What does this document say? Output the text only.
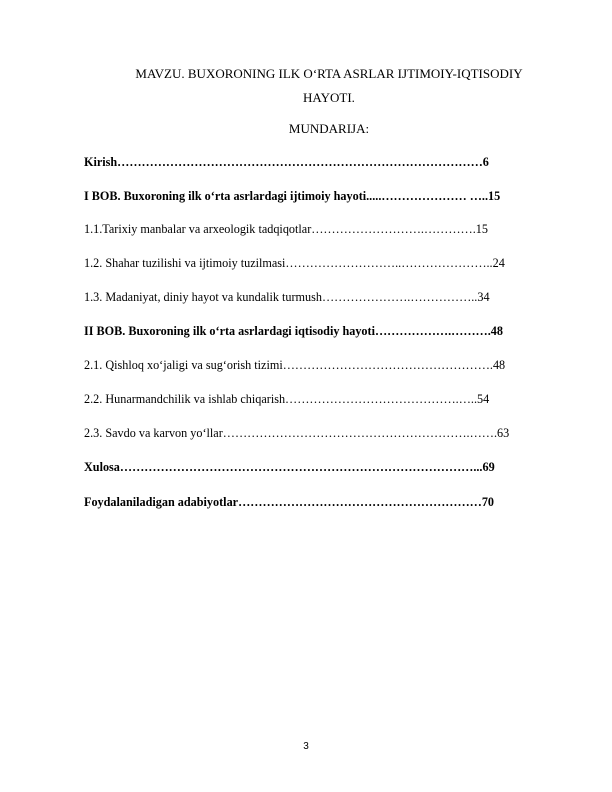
MAVZU. BUXORONING ILK O‘RTA ASRLAR IJTIMOIY-IQTISODIY
HAYOTI.
MUNDARIJA:
Kirish………………………………………………………………………………6
I BOB. Buxoroning ilk o‘rta asrlardagi ijtimoiy hayoti.....………………… …..15
1.1.Tarixiy manbalar va arxeologik tadqiqotlar……………………….………….15
1.2. Shahar tuzilishi va ijtimoiy tuzilmasi………………………..…………………..24
1.3. Madaniyat, diniy hayot va kundalik turmush………………….……………..34
II BOB. Buxoroning ilk o‘rta asrlardagi iqtisodiy hayoti……………….……….48
2.1. Qishloq xo‘jaligi va sug‘orish tizimi…………………………………………….48
2.2. Hunarmandchilik va ishlab chiqarish…………………………………….…..54
2.3. Savdo va karvon yo‘llar…………………………………………………….…….63
Xulosa……………………………………………………………………………...69
Foydalaniladigan adabiyotlar……………………………………………………70
3
